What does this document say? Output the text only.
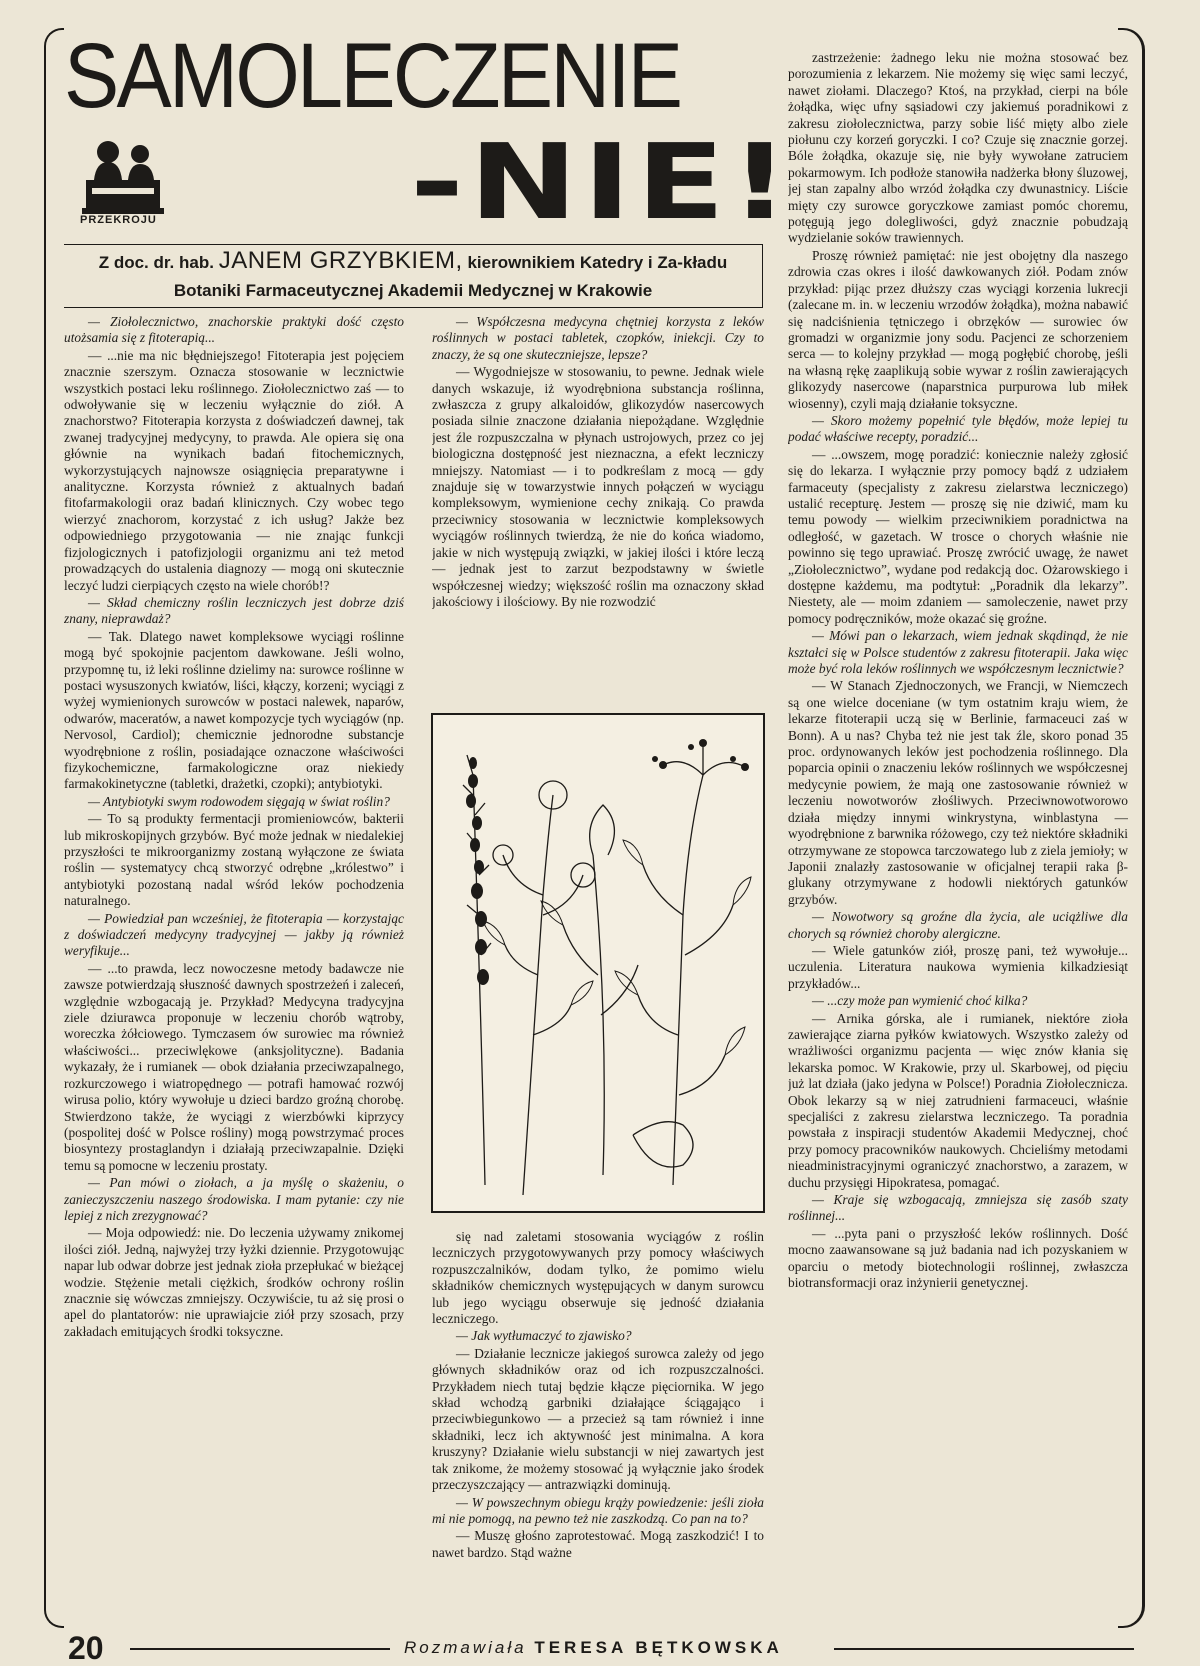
SAMOLECZENIE
-NIE!
PRZEKROJU
Z doc. dr. hab. JANEM GRZYBKIEM, kierownikiem Katedry i Za-kładu Botaniki Farmaceutycznej Akademii Medycznej w Krakowie

— Ziołolecznictwo, znachorskie praktyki dość często utożsamia się z fitoterapią...

— ...nie ma nic błędniejszego! Fitoterapia jest pojęciem znacznie szerszym. Oznacza stosowanie w lecznictwie wszystkich postaci leku roślinnego. Ziołolecznictwo zaś — to odwoływanie się w leczeniu wyłącznie do ziół. A znachorstwo? Fitoterapia korzysta z doświadczeń dawnej, tak zwanej tradycyjnej medycyny, to prawda. Ale opiera się ona głównie na wynikach badań fitochemicznych, wykorzystujących najnowsze osiągnięcia preparatywne i analityczne. Korzysta również z aktualnych badań fitofarmakologii oraz badań klinicznych. Czy wobec tego wierzyć znachorom, korzystać z ich usług? Jakże bez odpowiedniego przygotowania — nie znając funkcji fizjologicznych i patofizjologii organizmu ani też metod prowadzących do ustalenia diagnozy — mogą oni skutecznie leczyć ludzi cierpiących często na wiele chorób!?

— Skład chemiczny roślin leczniczych jest dobrze dziś znany, nieprawdaż?

— Tak. Dlatego nawet kompleksowe wyciągi roślinne mogą być spokojnie pacjentom dawkowane. Jeśli wolno, przypomnę tu, iż leki roślinne dzielimy na: surowce roślinne w postaci wysuszonych kwiatów, liści, kłączy, korzeni; wyciągi z wyżej wymienionych surowców w postaci nalewek, naparów, odwarów, maceratów, a nawet kompozycje tych wyciągów (np. Nervosol, Cardiol); chemicznie jednorodne substancje wyodrębnione z roślin, posiadające oznaczone właściwości fizykochemiczne, farmakologiczne oraz niekiedy farmakokinetyczne (tabletki, drażetki, czopki); antybiotyki.

— Antybiotyki swym rodowodem sięgają w świat roślin?

— To są produkty fermentacji promieniowców, bakterii lub mikroskopijnych grzybów. Być może jednak w niedalekiej przyszłości te mikroorganizmy zostaną wyłączone ze świata roślin — systematycy chcą stworzyć odrębne „królestwo” i antybiotyki pozostaną nadal wśród leków pochodzenia naturalnego.

— Powiedział pan wcześniej, że fitoterapia — korzystając z doświadczeń medycyny tradycyjnej — jakby ją również weryfikuje...

— ...to prawda, lecz nowoczesne metody badawcze nie zawsze potwierdzają słuszność dawnych spostrzeżeń i zaleceń, względnie wzbogacają je. Przykład? Medycyna tradycyjna ziele dziurawca proponuje w leczeniu chorób wątroby, woreczka żółciowego. Tymczasem ów surowiec ma również właściwości... przeciwlękowe (anksjolityczne). Badania wykazały, że i rumianek — obok działania przeciwzapalnego, rozkurczowego i wiatropędnego — potrafi hamować rozwój wirusa polio, który wywołuje u dzieci bardzo groźną chorobę. Stwierdzono także, że wyciągi z wierzbówki kiprzycy (pospolitej dość w Polsce rośliny) mogą powstrzymać proces biosyntezy prostaglandyn i działają przeciwzapalnie. Dzięki temu są pomocne w leczeniu prostaty.

— Pan mówi o ziołach, a ja myślę o skażeniu, o zanieczyszczeniu naszego środowiska. I mam pytanie: czy nie lepiej z nich zrezygnować?

— Moja odpowiedź: nie. Do leczenia używamy znikomej ilości ziół. Jedną, najwyżej trzy łyżki dziennie. Przygotowując napar lub odwar dobrze jest jednak zioła przepłukać w bieżącej wodzie. Stężenie metali ciężkich, środków ochrony roślin znacznie się wówczas zmniejszy. Oczywiście, tu aż się prosi o apel do plantatorów: nie uprawiajcie ziół przy szosach, przy zakładach emitujących środki toksyczne.

— Współczesna medycyna chętniej korzysta z leków roślinnych w postaci tabletek, czopków, iniekcji. Czy to znaczy, że są one skuteczniejsze, lepsze?

— Wygodniejsze w stosowaniu, to pewne. Jednak wiele danych wskazuje, iż wyodrębniona substancja roślinna, zwłaszcza z grupy alkaloidów, glikozydów nasercowych posiada silnie znaczone działania niepożądane. Względnie jest źle rozpuszczalna w płynach ustrojowych, przez co jej biologiczna dostępność jest nieznaczna, a efekt leczniczy mniejszy. Natomiast — i to podkreślam z mocą — gdy znajduje się w towarzystwie innych połączeń w wyciągu kompleksowym, wymienione cechy znikają. Co prawda przeciwnicy stosowania w lecznictwie kompleksowych wyciągów roślinnych twierdzą, że nie do końca wiadomo, jakie w nich występują związki, w jakiej ilości i które leczą — jednak jest to zarzut bezpodstawny w świetle współczesnej wiedzy; większość roślin ma oznaczony skład jakościowy i ilościowy. By nie rozwodzić

się nad zaletami stosowania wyciągów z roślin leczniczych przygotowywanych przy pomocy właściwych rozpuszczalników, dodam tylko, że pomimo wielu składników chemicznych występujących w danym surowcu lub jego wyciągu obserwuje się jedność działania leczniczego.

— Jak wytłumaczyć to zjawisko?

— Działanie lecznicze jakiegoś surowca zależy od jego głównych składników oraz od ich rozpuszczalności. Przykładem niech tutaj będzie kłącze pięciornika. W jego skład wchodzą garbniki działające ściągająco i przeciwbiegunkowo — a przecież są tam również i inne składniki, lecz ich aktywność jest minimalna. A kora kruszyny? Działanie wielu substancji w niej zawartych jest tak znikome, że możemy stosować ją wyłącznie jako środek przeczyszczający — antrazwiązki dominują.

— W powszechnym obiegu krąży powiedzenie: jeśli zioła mi nie pomogą, na pewno też nie zaszkodzą. Co pan na to?

— Muszę głośno zaprotestować. Mogą zaszkodzić! I to nawet bardzo. Stąd ważne

zastrzeżenie: żadnego leku nie można stosować bez porozumienia z lekarzem. Nie możemy się więc sami leczyć, nawet ziołami. Dlaczego? Ktoś, na przykład, cierpi na bóle żołądka, więc ufny sąsiadowi czy jakiemuś poradnikowi z zakresu ziołolecznictwa, parzy sobie liść mięty albo ziele piołunu czy korzeń goryczki. I co? Czuje się znacznie gorzej. Bóle żołądka, okazuje się, nie były wywołane zatruciem pokarmowym. Ich podłoże stanowiła nadżerka błony śluzowej, jej stan zapalny albo wrzód żołądka czy dwunastnicy. Liście mięty czy surowce goryczkowe zamiast pomóc choremu, potęgują jego dolegliwości, gdyż znacznie pobudzają wydzielanie soków trawiennych.

Proszę również pamiętać: nie jest obojętny dla naszego zdrowia czas okres i ilość dawkowanych ziół. Podam znów przykład: pijąc przez dłuższy czas wyciągi korzenia lukrecji (zalecane m. in. w leczeniu wrzodów żołądka), można nabawić się nadciśnienia tętniczego i obrzęków — surowiec ów gromadzi w organizmie jony sodu. Pacjenci ze schorzeniem serca — to kolejny przykład — mogą pogłębić chorobę, jeśli na własną rękę zaaplikują sobie wywar z roślin zawierających glikozydy nasercowe (naparstnica purpurowa lub miłek wiosenny), czyli mają działanie toksyczne.

— Skoro możemy popełnić tyle błędów, może lepiej tu podać właściwe recepty, poradzić...

— ...owszem, mogę poradzić: koniecznie należy zgłosić się do lekarza. I wyłącznie przy pomocy bądź z udziałem farmaceuty (specjalisty z zakresu zielarstwa leczniczego) ustalić recepturę. Jestem — proszę się nie dziwić, mam ku temu powody — wielkim przeciwnikiem poradnictwa na odległość, w gazetach. W trosce o chorych właśnie nie powinno się tego uprawiać. Proszę zwrócić uwagę, że nawet „Ziołolecznictwo”, wydane pod redakcją doc. Ożarowskiego i dostępne każdemu, ma podtytuł: „Poradnik dla lekarzy”. Niestety, ale — moim zdaniem — samoleczenie, nawet przy pomocy podręczników, może okazać się groźne.

— Mówi pan o lekarzach, wiem jednak skądinąd, że nie kształci się w Polsce studentów z zakresu fitoterapii. Jaka więc może być rola leków roślinnych we współczesnym lecznictwie?

— W Stanach Zjednoczonych, we Francji, w Niemczech są one wielce doceniane (w tym ostatnim kraju wiem, że lekarze fitoterapii uczą się w Berlinie, farmaceuci zaś w Bonn). A u nas? Chyba też nie jest tak źle, skoro ponad 35 proc. ordynowanych leków jest pochodzenia roślinnego. Dla poparcia opinii o znaczeniu leków roślinnych we współczesnej medycynie powiem, że mają one zastosowanie również w leczeniu nowotworów złośliwych. Przeciwnowotworowo działa między innymi winkrystyna, winblastyna — wyodrębnione z barwnika różowego, czy też niektóre składniki otrzymywane ze stopowca tarczowatego lub z ziela jemioły; w Japonii znalazły zastosowanie w oficjalnej terapii raka β-glukany otrzymywane z hodowli niektórych gatunków grzybów.

— Nowotwory są groźne dla życia, ale uciążliwe dla chorych są również choroby alergiczne.

— Wiele gatunków ziół, proszę pani, też wywołuje... uczulenia. Literatura naukowa wymienia kilkadziesiąt przykładów...

— ...czy może pan wymienić choć kilka?

— Arnika górska, ale i rumianek, niektóre zioła zawierające ziarna pyłków kwiatowych. Wszystko zależy od wrażliwości organizmu pacjenta — więc znów kłania się lekarska pomoc. W Krakowie, przy ul. Skarbowej, od pięciu już lat działa (jako jedyna w Polsce!) Poradnia Ziołolecznicza. Obok lekarzy są w niej zatrudnieni farmaceuci, właśnie specjaliści z zakresu zielarstwa leczniczego. Ta poradnia powstała z inspiracji studentów Akademii Medycznej, choć przy pomocy pracowników naukowych. Chcieliśmy metodami nieadministracyjnymi ograniczyć znachorstwo, a zarazem, w duchu przysięgi Hipokratesa, pomagać.

— Kraje się wzbogacają, zmniejsza się zasób szaty roślinnej...

— ...pyta pani o przyszłość leków roślinnych. Dość mocno zaawansowane są już badania nad ich pozyskaniem w oparciu o metody biotechnologii roślinnej, zwłaszcza biotransformacji oraz inżynierii genetycznej.

20	Rozmawiała TERESA BĘTKOWSKA
